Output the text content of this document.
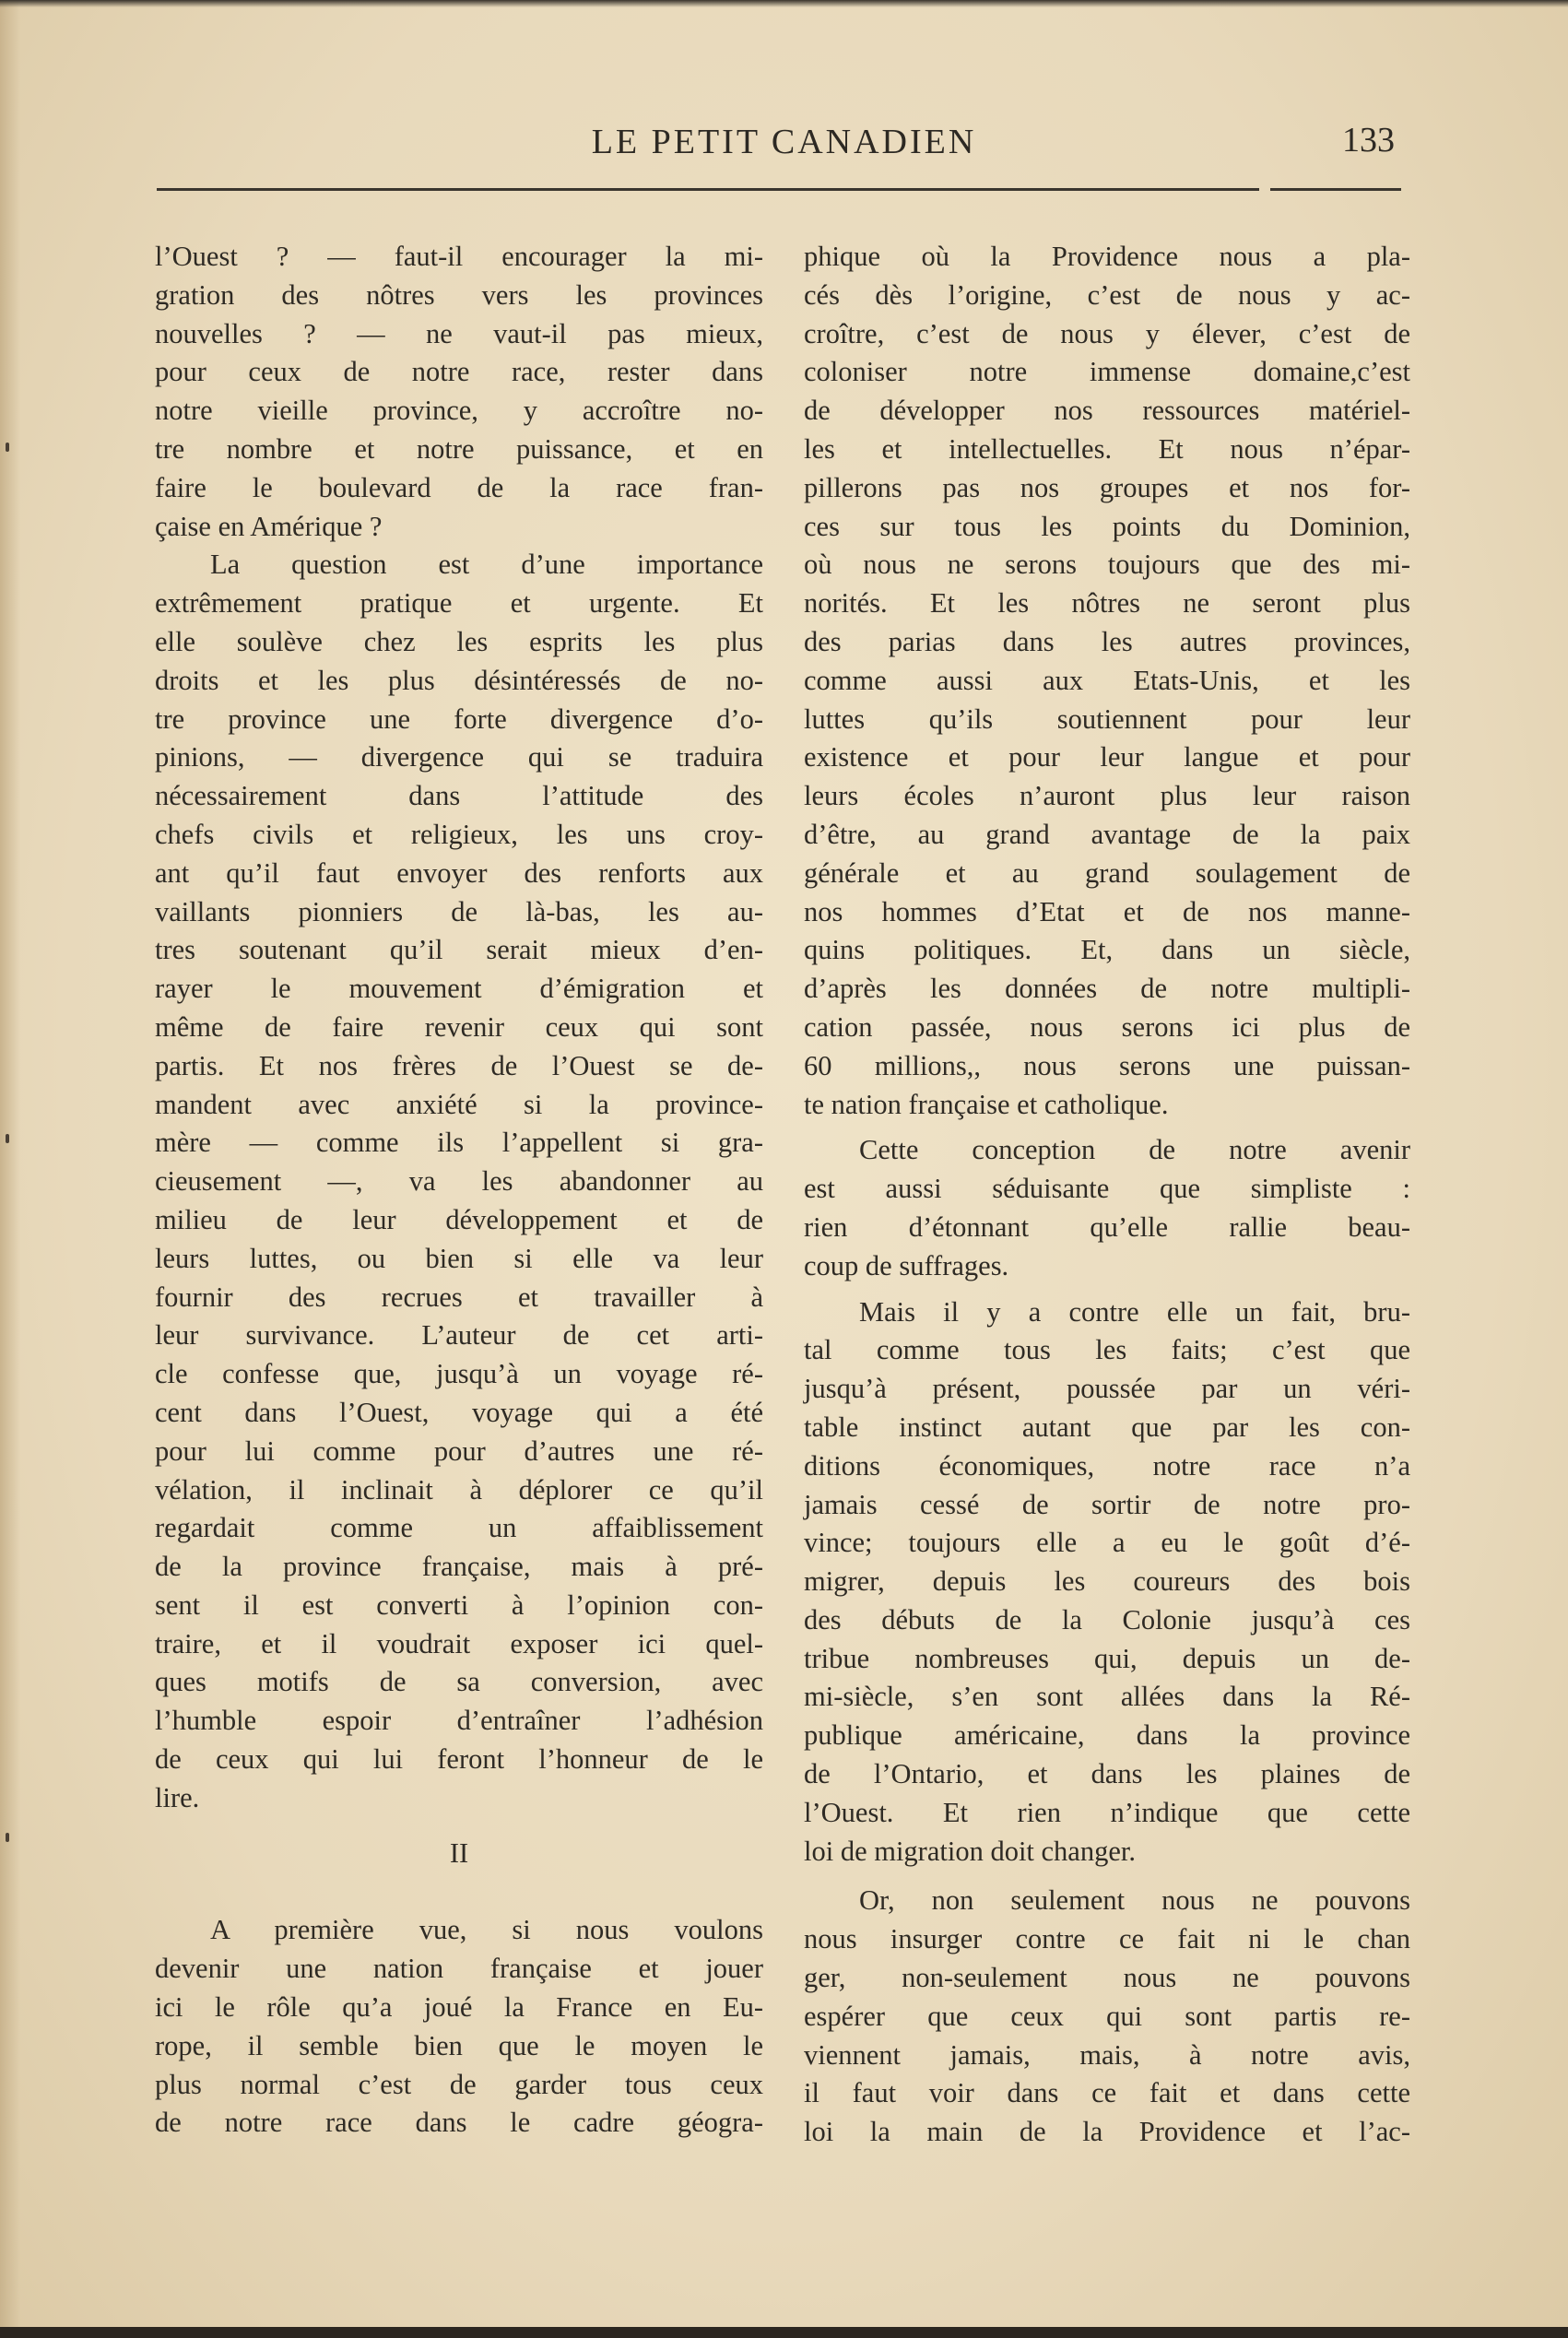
LE PETIT CANADIEN	133
l’Ouest ? — faut-il encourager la mi-
gration des nôtres vers les provinces
nouvelles ? — ne vaut-il pas mieux,
pour ceux de notre race, rester dans
notre vieille province, y accroître no-
tre nombre et notre puissance, et en
faire le boulevard de la race fran-
çaise en Amérique ?
La question est d’une importance
extrêmement pratique et urgente. Et
elle soulève chez les esprits les plus
droits et les plus désintéressés de no-
tre province une forte divergence d’o-
pinions, — divergence qui se traduira
nécessairement dans l’attitude des
chefs civils et religieux, les uns croy-
ant qu’il faut envoyer des renforts aux
vaillants pionniers de là-bas, les au-
tres soutenant qu’il serait mieux d’en-
rayer le mouvement d’émigration et
même de faire revenir ceux qui sont
partis. Et nos frères de l’Ouest se de-
mandent avec anxiété si la province-
mère — comme ils l’appellent si gra-
cieusement —, va les abandonner au
milieu de leur développement et de
leurs luttes, ou bien si elle va leur
fournir des recrues et travailler à
leur survivance. L’auteur de cet arti-
cle confesse que, jusqu’à un voyage ré-
cent dans l’Ouest, voyage qui a été
pour lui comme pour d’autres une ré-
vélation, il inclinait à déplorer ce qu’il
regardait comme un affaiblissement
de la province française, mais à pré-
sent il est converti à l’opinion con-
traire, et il voudrait exposer ici quel-
ques motifs de sa conversion, avec
l’humble espoir d’entraîner l’adhésion
de ceux qui lui feront l’honneur de le
lire.
II
A première vue, si nous voulons
devenir une nation française et jouer
ici le rôle qu’a joué la France en Eu-
rope, il semble bien que le moyen le
plus normal c’est de garder tous ceux
de notre race dans le cadre géogra-
phique où la Providence nous a pla-
cés dès l’origine, c’est de nous y ac-
croître, c’est de nous y élever, c’est de
coloniser notre immense domaine,c’est
de développer nos ressources matériel-
les et intellectuelles. Et nous n’épar-
pillerons pas nos groupes et nos for-
ces sur tous les points du Dominion,
où nous ne serons toujours que des mi-
norités. Et les nôtres ne seront plus
des parias dans les autres provinces,
comme aussi aux Etats-Unis, et les
luttes qu’ils soutiennent pour leur
existence et pour leur langue et pour
leurs écoles n’auront plus leur raison
d’être, au grand avantage de la paix
générale et au grand soulagement de
nos hommes d’Etat et de nos manne-
quins politiques. Et, dans un siècle,
d’après les données de notre multipli-
cation passée, nous serons ici plus de
60 millions,, nous serons une puissan-
te nation française et catholique.
Cette conception de notre avenir
est aussi séduisante que simpliste :
rien d’étonnant qu’elle rallie beau-
coup de suffrages.
Mais il y a contre elle un fait, bru-
tal comme tous les faits; c’est que
jusqu’à présent, poussée par un véri-
table instinct autant que par les con-
ditions économiques, notre race n’a
jamais cessé de sortir de notre pro-
vince; toujours elle a eu le goût d’é-
migrer, depuis les coureurs des bois
des débuts de la Colonie jusqu’à ces
tribue nombreuses qui, depuis un de-
mi-siècle, s’en sont allées dans la Ré-
publique américaine, dans la province
de l’Ontario, et dans les plaines de
l’Ouest. Et rien n’indique que cette
loi de migration doit changer.
Or, non seulement nous ne pouvons
nous insurger contre ce fait ni le chan
ger, non-seulement nous ne pouvons
espérer que ceux qui sont partis re-
viennent jamais, mais, à notre avis,
il faut voir dans ce fait et dans cette
loi la main de la Providence et l’ac-
